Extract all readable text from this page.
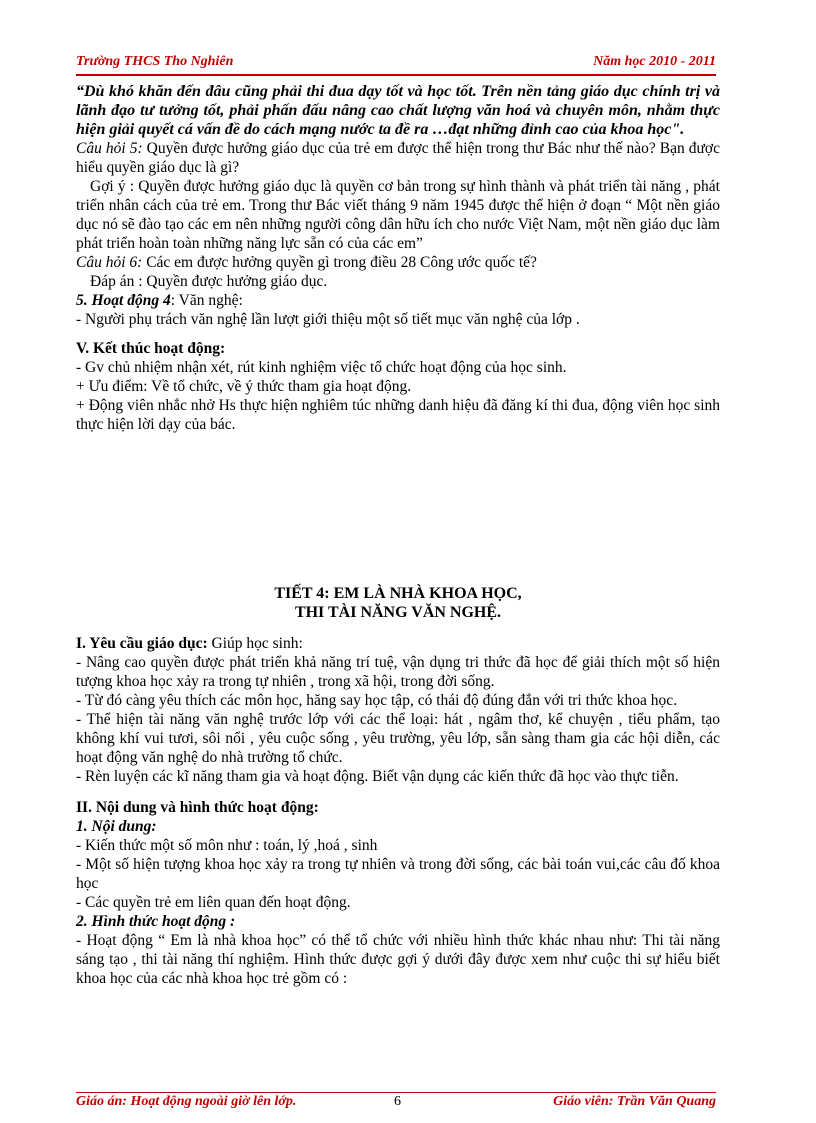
Trường THCS Tho Nghiên	Năm học 2010 - 2011

“Dù khó khăn đến đâu cũng phải thi đua dạy tốt và học tốt. Trên nền tảng giáo dục chính trị và lãnh đạo tư tưởng tốt, phải phấn đấu nâng cao chất lượng văn hoá và chuyên môn, nhằm thực hiện giải quyết cá vấn đề do cách mạng nước ta đề ra …đạt những đỉnh cao của khoa học".

Câu hỏi 5: Quyền được hưởng giáo dục của trẻ em được thể hiện trong thư Bác như thế nào? Bạn được hiểu quyền giáo dục là gì?

Gợi ý : Quyền được hưởng giáo dục là quyền cơ bản trong sự hình thành và phát triển tài năng , phát triển nhân cách của trẻ em. Trong thư Bác viết tháng 9 năm 1945 được thể hiện ở đoạn “ Một nền giáo dục nó sẽ đào tạo các em nên những người công dân hữu ích cho nước Việt Nam, một nền giáo dục làm phát triển hoàn toàn những năng lực sẵn có của các em”

Câu hỏi 6: Các em được hưởng quyền gì trong điều 28 Công ước quốc tế?

Đáp án : Quyền được hưởng giáo dục.

5. Hoạt động 4: Văn nghệ:

- Người phụ trách văn nghệ lần lượt giới thiệu một số tiết mục văn nghệ của lớp .

V. Kết thúc hoạt động:

- Gv chủ nhiệm nhận xét, rút kinh nghiệm việc tổ chức hoạt động của học sinh.

+ Ưu điểm: Về tổ chức, về ý thức tham gia hoạt động.

+ Động viên nhắc nhở Hs thực hiện nghiêm túc những danh hiệu đã đăng kí thi đua, động viên học sinh thực hiện lời dạy của bác.

TIẾT 4: EM LÀ NHÀ KHOA HỌC,

THI TÀI NĂNG VĂN NGHỆ.

I. Yêu cầu giáo dục: Giúp học sinh:

- Nâng cao quyền được phát triển khả năng trí tuệ, vận dụng tri thức đã học để giải thích một số hiện tượng khoa học xảy ra trong tự nhiên , trong xã hội, trong đời sống.

- Từ đó càng yêu thích các môn học, hăng say học tập, có thái độ đúng đắn với tri thức khoa học.

- Thể hiện tài năng văn nghệ trước lớp với các thể loại: hát , ngâm thơ, kể chuyện , tiểu phẩm, tạo không khí vui tươi, sôi nổi , yêu cuộc sống , yêu trường, yêu lớp, sẵn sàng tham gia các hội diễn, các hoạt động văn nghệ do nhà trường tổ chức.

- Rèn luyện các kĩ năng tham gia và hoạt động. Biết vận dụng các kiến thức đã học vào thực tiễn.

II. Nội dung và hình thức hoạt động:

1. Nội dung:

- Kiến thức một số môn như : toán, lý ,hoá , sinh

- Một số hiện tượng khoa học xảy ra trong tự nhiên và trong đời sống, các bài toán vui,các câu đố khoa học

- Các quyền trẻ em liên quan đến hoạt động.

2. Hình thức hoạt động :

- Hoạt động “ Em là nhà khoa học” có thể tổ chức với nhiều hình thức khác nhau như: Thi tài năng sáng tạo , thi tài năng thí nghiệm. Hình thức được gợi ý dưới đây được xem như cuộc thi sự hiểu biết khoa học của các nhà khoa học trẻ gồm có :

Giáo án: Hoạt động ngoài giờ lên lớp.	6	Giáo viên: Trần Văn Quang
